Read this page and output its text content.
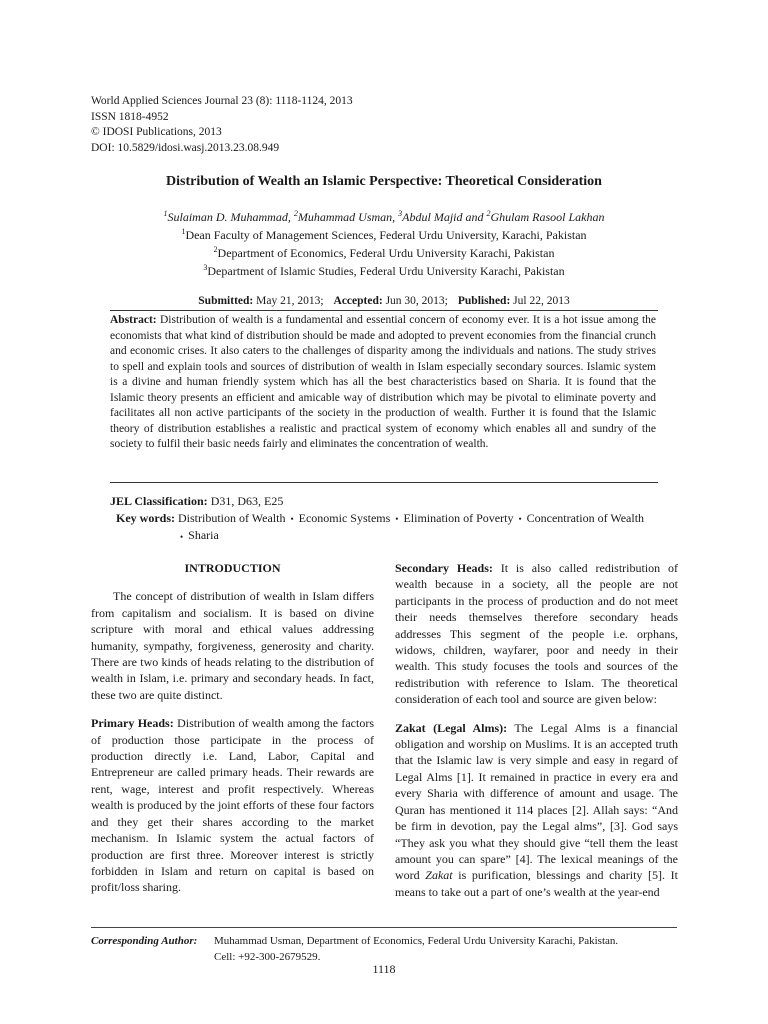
World Applied Sciences Journal 23 (8): 1118-1124, 2013
ISSN 1818-4952
© IDOSI Publications, 2013
DOI: 10.5829/idosi.wasj.2013.23.08.949
Distribution of Wealth an Islamic Perspective: Theoretical Consideration
$^1$Sulaiman D. Muhammad, $^2$Muhammad Usman, $^3$Abdul Majid and $^2$Ghulam Rasool Lakhan
$^1$Dean Faculty of Management Sciences, Federal Urdu University, Karachi, Pakistan
$^2$Department of Economics, Federal Urdu University Karachi, Pakistan
$^3$Department of Islamic Studies, Federal Urdu University Karachi, Pakistan
Submitted: May 21, 2013; Accepted: Jun 30, 2013; Published: Jul 22, 2013
Abstract: Distribution of wealth is a fundamental and essential concern of economy ever. It is a hot issue among the economists that what kind of distribution should be made and adopted to prevent economies from the financial crunch and economic crises. It also caters to the challenges of disparity among the individuals and nations. The study strives to spell and explain tools and sources of distribution of wealth in Islam especially secondary sources. Islamic system is a divine and human friendly system which has all the best characteristics based on Sharia. It is found that the Islamic theory presents an efficient and amicable way of distribution which may be pivotal to eliminate poverty and facilitates all non active participants of the society in the production of wealth. Further it is found that the Islamic theory of distribution establishes a realistic and practical system of economy which enables all and sundry of the society to fulfil their basic needs fairly and eliminates the concentration of wealth.
JEL Classification: D31, D63, E25
Key words: Distribution of Wealth • Economic Systems • Elimination of Poverty • Concentration of Wealth
• Sharia

INTRODUCTION

The concept of distribution of wealth in Islam differs from capitalism and socialism. It is based on divine scripture with moral and ethical values addressing humanity, sympathy, forgiveness, generosity and charity. There are two kinds of heads relating to the distribution of wealth in Islam, i.e. primary and secondary heads. In fact, these two are quite distinct.

Primary Heads: Distribution of wealth among the factors of production those participate in the process of production directly i.e. Land, Labor, Capital and Entrepreneur are called primary heads. Their rewards are rent, wage, interest and profit respectively. Whereas wealth is produced by the joint efforts of these four factors and they get their shares according to the market mechanism. In Islamic system the actual factors of production are first three. Moreover interest is strictly forbidden in Islam and return on capital is based on profit/loss sharing.

Secondary Heads: It is also called redistribution of wealth because in a society, all the people are not participants in the process of production and do not meet their needs themselves therefore secondary heads addresses This segment of the people i.e. orphans, widows, children, wayfarer, poor and needy in their wealth. This study focuses the tools and sources of the redistribution with reference to Islam. The theoretical consideration of each tool and source are given below:

Zakat (Legal Alms): The Legal Alms is a financial obligation and worship on Muslims. It is an accepted truth that the Islamic law is very simple and easy in regard of Legal Alms [1]. It remained in practice in every era and every Sharia with difference of amount and usage. The Quran has mentioned it 114 places [2]. Allah says: “And be firm in devotion, pay the Legal alms”, [3]. God says “They ask you what they should give “tell them the least amount you can spare” [4]. The lexical meanings of the word Zakat is purification, blessings and charity [5]. It means to take out a part of one’s wealth at the year-end

Corresponding Author: Muhammad Usman, Department of Economics, Federal Urdu University Karachi, Pakistan.
Cell: +92-300-2679529.
1118
